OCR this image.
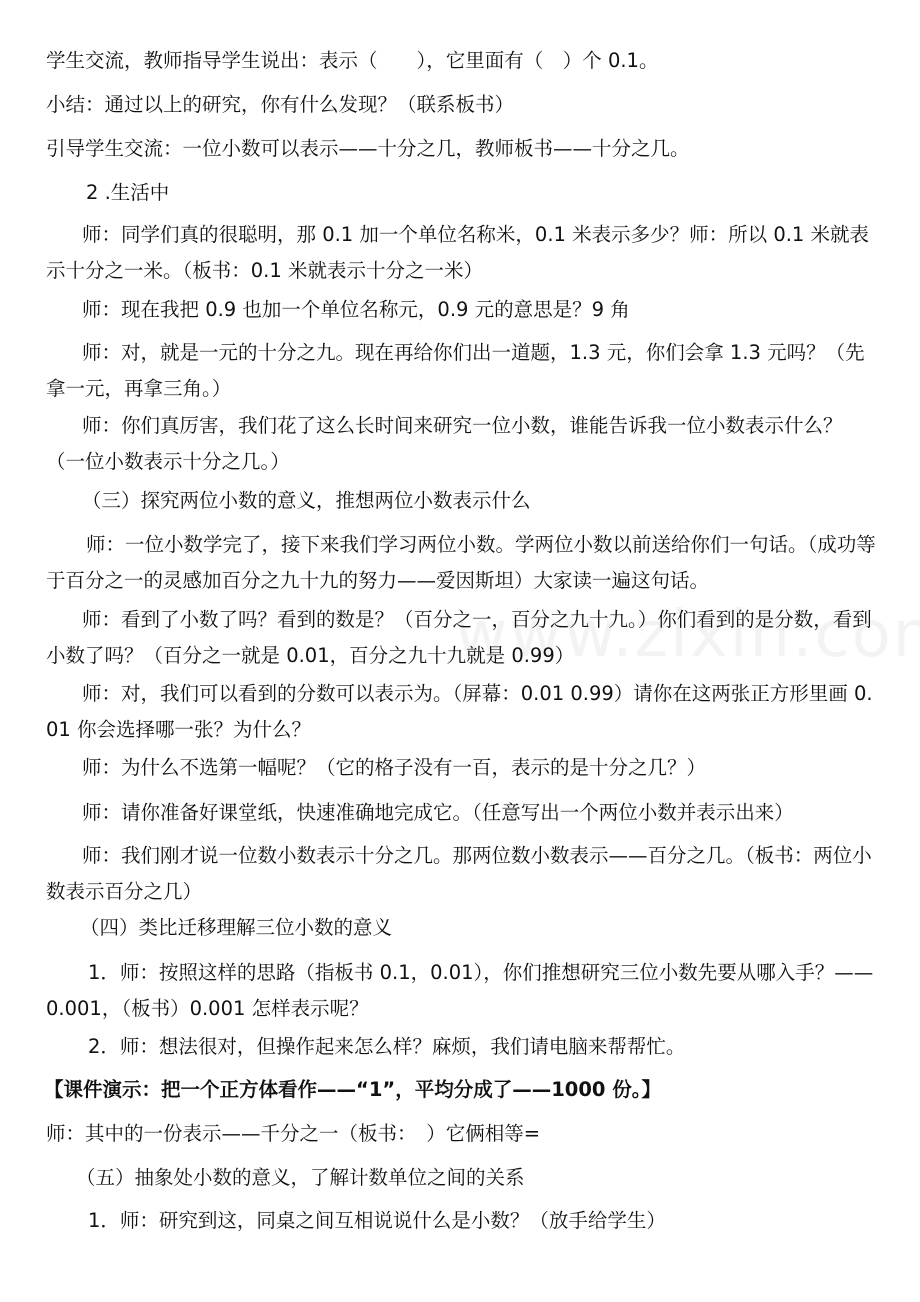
学生交流，教师指导学生说出：表示（　　），它里面有（　）个 0.1。

小结：通过以上的研究，你有什么发现？（联系板书）

引导学生交流：一位小数可以表示——十分之几，教师板书——十分之几。

2 .生活中

师：同学们真的很聪明，那 0.1 加一个单位名称米，0.1 米表示多少？师：所以 0.1 米就表示十分之一米。（板书：0.1 米就表示十分之一米）

师：现在我把 0.9 也加一个单位名称元，0.9 元的意思是？9 角

师：对，就是一元的十分之九。现在再给你们出一道题，1.3 元，你们会拿 1.3 元吗？（先拿一元，再拿三角。）

师：你们真厉害，我们花了这么长时间来研究一位小数，谁能告诉我一位小数表示什么？（一位小数表示十分之几。）

（三）探究两位小数的意义，推想两位小数表示什么

师：一位小数学完了，接下来我们学习两位小数。学两位小数以前送给你们一句话。（成功等于百分之一的灵感加百分之九十九的努力——爱因斯坦）大家读一遍这句话。

师：看到了小数了吗？看到的数是？（百分之一，百分之九十九。）你们看到的是分数，看到小数了吗？（百分之一就是 0.01，百分之九十九就是 0.99）

师：对，我们可以看到的分数可以表示为。（屏幕：0.01 0.99）请你在这两张正方形里画 0.01 你会选择哪一张？为什么？

师：为什么不选第一幅呢？（它的格子没有一百，表示的是十分之几？）

师：请你准备好课堂纸，快速准确地完成它。（任意写出一个两位小数并表示出来）

师：我们刚才说一位数小数表示十分之几。那两位数小数表示——百分之几。（板书：两位小数表示百分之几）

（四）类比迁移理解三位小数的意义

1．师：按照这样的思路（指板书 0.1，0.01），你们推想研究三位小数先要从哪入手？——0.001，（板书）0.001 怎样表示呢？

2．师：想法很对，但操作起来怎么样？麻烦，我们请电脑来帮帮忙。

【课件演示：把一个正方体看作——“1”，平均分成了——1000 份。】

师：其中的一份表示——千分之一（板书：　）它俩相等=

（五）抽象处小数的意义，了解计数单位之间的关系

1．师：研究到这，同桌之间互相说说什么是小数？（放手给学生）
